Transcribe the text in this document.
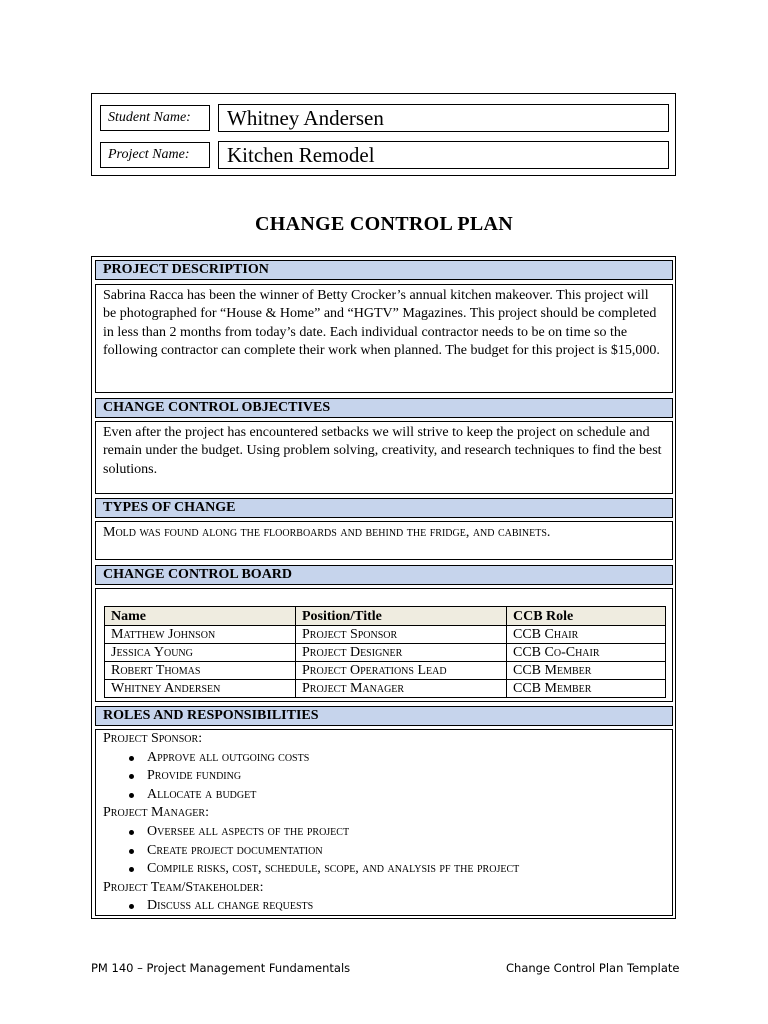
Student Name:	Whitney Andersen
Project Name:	Kitchen Remodel
CHANGE CONTROL PLAN
PROJECT DESCRIPTION
Sabrina Racca has been the winner of Betty Crocker’s annual kitchen makeover. This project will be photographed for “House & Home” and “HGTV” Magazines. This project should be completed in less than 2 months from today’s date. Each individual contractor needs to be on time so the following contractor can complete their work when planned. The budget for this project is $15,000.
CHANGE CONTROL OBJECTIVES
Even after the project has encountered setbacks we will strive to keep the project on schedule and remain under the budget. Using problem solving, creativity, and research techniques to find the best solutions.
TYPES OF CHANGE
Mold was found along the floorboards and behind the fridge, and cabinets.
CHANGE CONTROL BOARD
Name	Position/Title	CCB Role
Matthew Johnson	Project Sponsor	CCB Chair
Jessica Young	Project Designer	CCB Co-Chair
Robert Thomas	Project Operations Lead	CCB Member
Whitney Andersen	Project Manager	CCB Member
ROLES AND RESPONSIBILITIES
Project Sponsor:
Approve all outgoing costs
Provide funding
Allocate a budget
Project Manager:
Oversee all aspects of the project
Create project documentation
Compile risks, cost, schedule, scope, and analysis pf the project
Project Team/Stakeholder:
Discuss all change requests
PM 140 – Project Management Fundamentals	Change Control Plan Template
